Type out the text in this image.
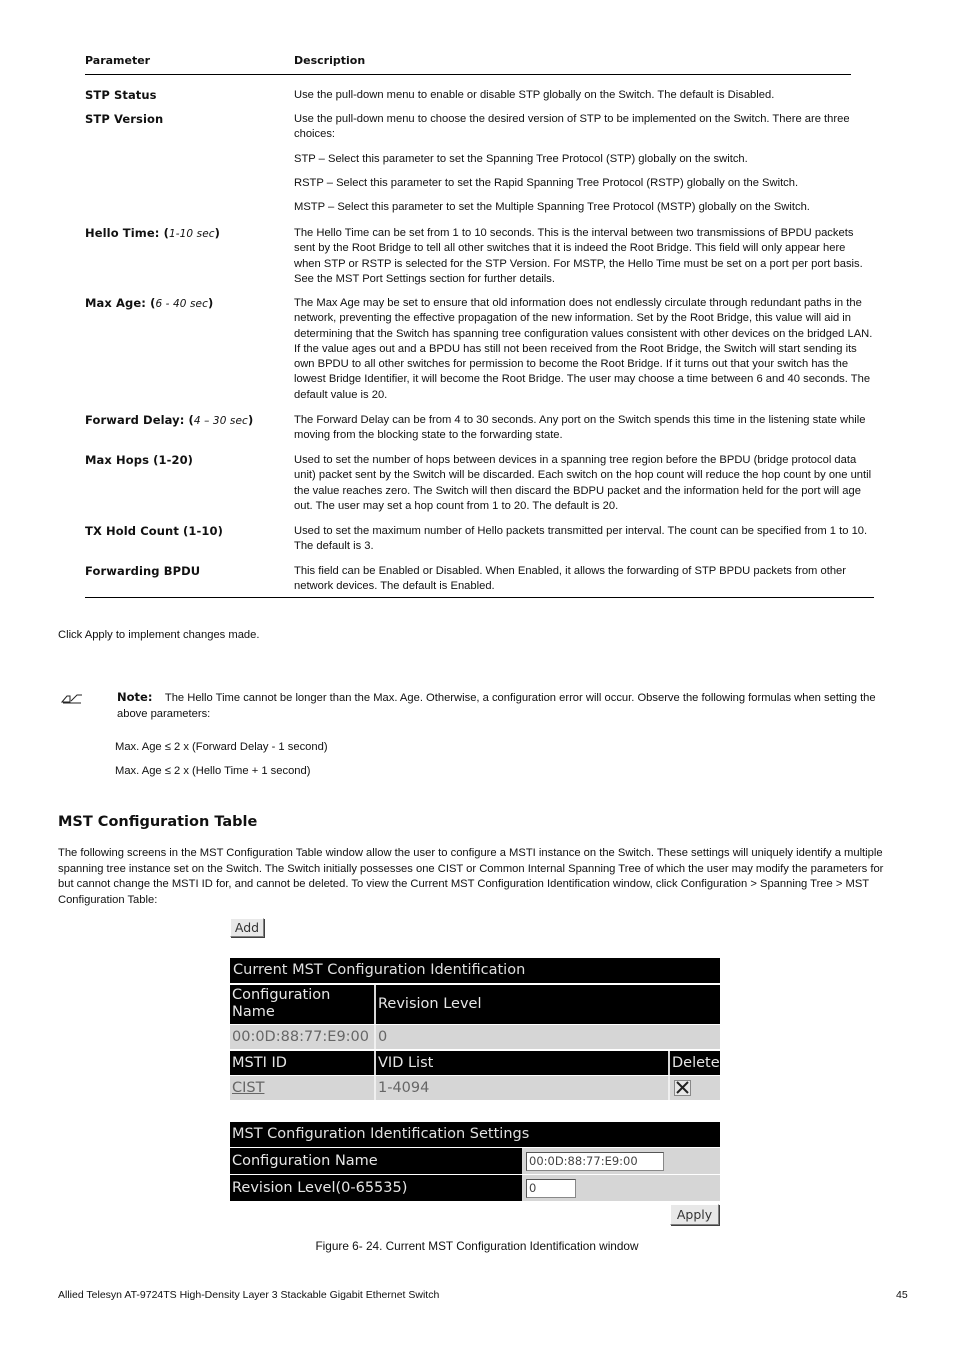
Parameter	Description
STP Status	Use the pull-down menu to enable or disable STP globally on the Switch. The default is Disabled.
STP Version	Use the pull-down menu to choose the desired version of STP to be implemented on the Switch. There are three choices:

STP – Select this parameter to set the Spanning Tree Protocol (STP) globally on the switch.

RSTP – Select this parameter to set the Rapid Spanning Tree Protocol (RSTP) globally on the Switch.

MSTP – Select this parameter to set the Multiple Spanning Tree Protocol (MSTP) globally on the Switch.

Hello Time: (1-10 sec)	The Hello Time can be set from 1 to 10 seconds. This is the interval between two transmissions of BPDU packets sent by the Root Bridge to tell all other switches that it is indeed the Root Bridge. This field will only appear here when STP or RSTP is selected for the STP Version. For MSTP, the Hello Time must be set on a port per port basis. See the MST Port Settings section for further details.
Max Age: (6 - 40 sec)	The Max Age may be set to ensure that old information does not endlessly circulate through redundant paths in the network, preventing the effective propagation of the new information. Set by the Root Bridge, this value will aid in determining that the Switch has spanning tree configuration values consistent with other devices on the bridged LAN. If the value ages out and a BPDU has still not been received from the Root Bridge, the Switch will start sending its own BPDU to all other switches for permission to become the Root Bridge. If it turns out that your switch has the lowest Bridge Identifier, it will become the Root Bridge. The user may choose a time between 6 and 40 seconds. The default value is 20.
Forward Delay: (4 – 30 sec)	The Forward Delay can be from 4 to 30 seconds. Any port on the Switch spends this time in the listening state while moving from the blocking state to the forwarding state.
Max Hops (1-20)	Used to set the number of hops between devices in a spanning tree region before the BPDU (bridge protocol data unit) packet sent by the Switch will be discarded. Each switch on the hop count will reduce the hop count by one until the value reaches zero. The Switch will then discard the BDPU packet and the information held for the port will age out. The user may set a hop count from 1 to 20. The default is 20.
TX Hold Count (1-10)	Used to set the maximum number of Hello packets transmitted per interval. The count can be specified from 1 to 10. The default is 3.
Forwarding BPDU	This field can be Enabled or Disabled. When Enabled, it allows the forwarding of STP BPDU packets from other network devices. The default is Enabled.
Click Apply to implement changes made.
Note: The Hello Time cannot be longer than the Max. Age. Otherwise, a configuration error will occur. Observe the following formulas when setting the above parameters:
Max. Age ≤ 2 x (Forward Delay - 1 second)
Max. Age ≤ 2 x (Hello Time + 1 second)
MST Configuration Table
The following screens in the MST Configuration Table window allow the user to configure a MSTI instance on the Switch. These settings will uniquely identify a multiple spanning tree instance set on the Switch. The Switch initially possesses one CIST or Common Internal Spanning Tree of which the user may modify the parameters for but cannot change the MSTI ID for, and cannot be deleted. To view the Current MST Configuration Identification window, click Configuration > Spanning Tree > MST Configuration Table:
Add
Current MST Configuration Identification
Configuration Name	Revision Level
00:0D:88:77:E9:00 0
MSTI ID	VID List	Delete
CIST	1-4094
MST Configuration Identification Settings
Configuration Name	00:0D:88:77:E9:00
Revision Level(0-65535)	0
Apply
Figure 6- 24. Current MST Configuration Identification window
Allied Telesyn AT-9724TS High-Density Layer 3 Stackable Gigabit Ethernet Switch	45
